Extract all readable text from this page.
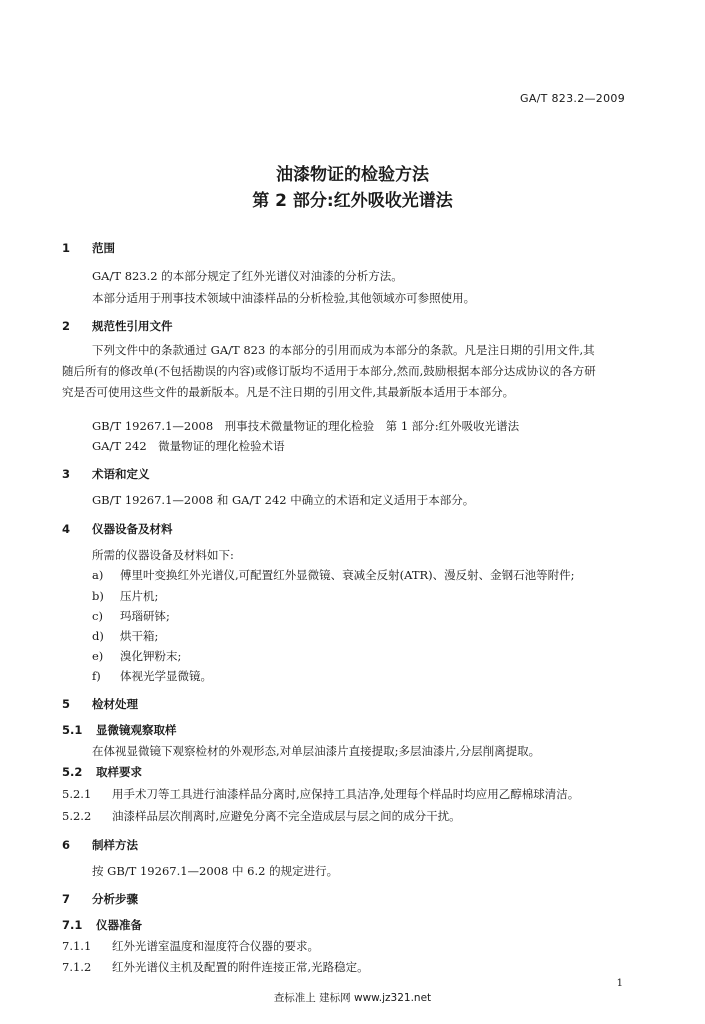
GA/T 823.2—2009
油漆物证的检验方法
第 2 部分:红外吸收光谱法
1 范围
GA/T 823.2 的本部分规定了红外光谱仪对油漆的分析方法。
本部分适用于刑事技术领域中油漆样品的分析检验,其他领域亦可参照使用。
2 规范性引用文件
下列文件中的条款通过 GA/T 823 的本部分的引用而成为本部分的条款。凡是注日期的引用文件,其随后所有的修改单(不包括勘误的内容)或修订版均不适用于本部分,然而,鼓励根据本部分达成协议的各方研究是否可使用这些文件的最新版本。凡是不注日期的引用文件,其最新版本适用于本部分。
GB/T 19267.1—2008　刑事技术微量物证的理化检验　第 1 部分:红外吸收光谱法
GA/T 242　微量物证的理化检验术语
3 术语和定义
GB/T 19267.1—2008 和 GA/T 242 中确立的术语和定义适用于本部分。
4 仪器设备及材料
所需的仪器设备及材料如下:
a) 傅里叶变换红外光谱仪,可配置红外显微镜、衰减全反射(ATR)、漫反射、金钢石池等附件;
b) 压片机;
c) 玛瑙研钵;
d) 烘干箱;
e) 溴化钾粉末;
f) 体视光学显微镜。
5 检材处理
5.1 显微镜观察取样
在体视显微镜下观察检材的外观形态,对单层油漆片直接提取;多层油漆片,分层削离提取。
5.2 取样要求
5.2.1 用手术刀等工具进行油漆样品分离时,应保持工具洁净,处理每个样品时均应用乙醇棉球清洁。
5.2.2 油漆样品层次削离时,应避免分离不完全造成层与层之间的成分干扰。
6 制样方法
按 GB/T 19267.1—2008 中 6.2 的规定进行。
7 分析步骤
7.1 仪器准备
7.1.1 红外光谱室温度和湿度符合仪器的要求。
7.1.2 红外光谱仪主机及配置的附件连接正常,光路稳定。
1
查标准上 建标网 www.jz321.net
